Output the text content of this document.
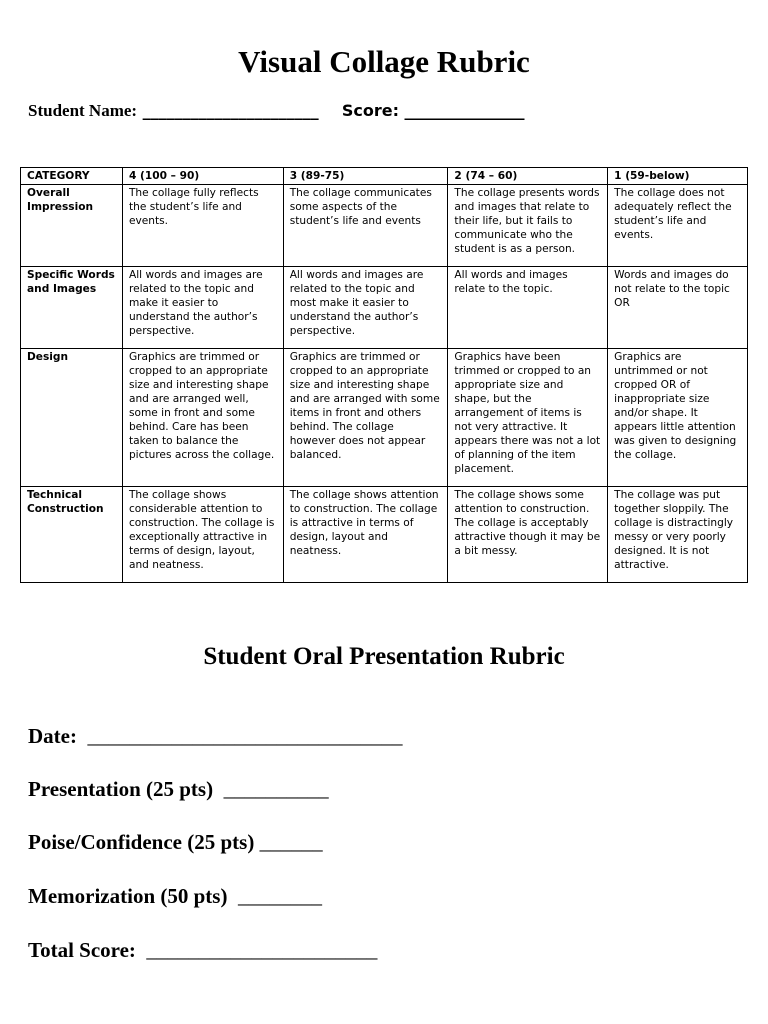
Visual Collage Rubric
Student Name: ______________________ Score: _______________
CATEGORY	4 (100 – 90)	3 (89-75)	2 (74 – 60)	1 (59-below)
Overall Impression	The collage fully reflects the student’s life and events.	The collage communicates some aspects of the student’s life and events	The collage presents words and images that relate to their life, but it fails to communicate who the student is as a person.	The collage does not adequately reflect the student’s life and events.
Specific Words and Images	All words and images are related to the topic and make it easier to understand the author’s perspective.	All words and images are related to the topic and most make it easier to understand the author’s perspective.	All words and images relate to the topic.	Words and images do not relate to the topic OR
Design	Graphics are trimmed or cropped to an appropriate size and interesting shape and are arranged well, some in front and some behind. Care has been taken to balance the pictures across the collage.	Graphics are trimmed or cropped to an appropriate size and interesting shape and are arranged with some items in front and others behind. The collage however does not appear balanced.	Graphics have been trimmed or cropped to an appropriate size and shape, but the arrangement of items is not very attractive. It appears there was not a lot of planning of the item placement.	Graphics are untrimmed or not cropped OR of inappropriate size and/or shape. It appears little attention was given to designing the collage.
Technical Construction	The collage shows considerable attention to construction. The collage is exceptionally attractive in terms of design, layout, and neatness.	The collage shows attention to construction. The collage is attractive in terms of design, layout and neatness.	The collage shows some attention to construction. The collage is acceptably attractive though it may be a bit messy.	The collage was put together sloppily. The collage is distractingly messy or very poorly designed. It is not attractive.
Student Oral Presentation Rubric
Date: ______________________________
Presentation (25 pts) __________
Poise/Confidence (25 pts) ______
Memorization (50 pts) ________
Total Score: ______________________
